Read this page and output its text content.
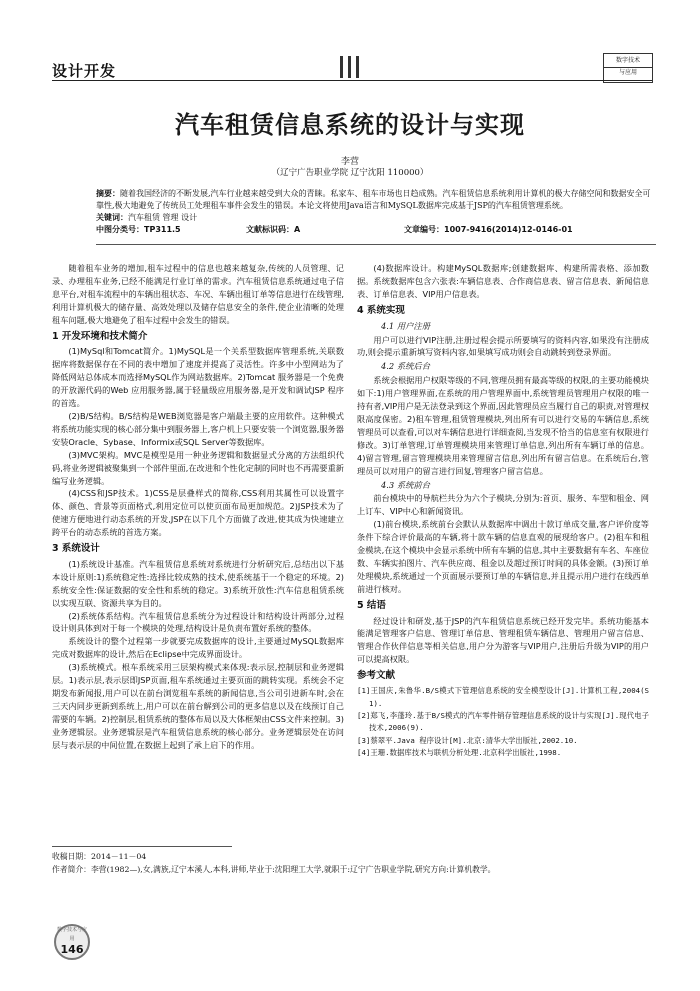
设计开发
数字技术
与应用
汽车租赁信息系统的设计与实现
李营
（辽宁广告职业学院 辽宁沈阳 110000）
摘要：随着我国经济的不断发展,汽车行业越来越受到大众的青睐。私家车、租车市场也日趋成熟。汽车租赁信息系统利用计算机的极大存储空间和数据安全可靠性,极大地避免了传统员工处理租车事件会发生的错误。本论文将使用Java语言和MySQL数据库完成基于JSP的汽车租赁管理系统。
关键词：汽车租赁 管理 设计
中图分类号：TP311.5	文献标识码：A	文章编号：1007-9416(2014)12-0146-01

随着租车业务的增加,租车过程中的信息也越来越复杂,传统的人员管理、记录、办理租车业务,已经不能满足行业订单的需求。汽车租赁信息系统通过电子信息平台,对租车流程中的车辆出租状态、车况、车辆出租订单等信息进行在线管理,利用计算机极大的储存量、高效处理以及储存信息安全的条件,使企业清晰的处理租车问题,极大地避免了租车过程中会发生的错误。

1 开发环境和技术简介

(1)MySql和Tomcat简介。1)MySQL是一个关系型数据库管理系统,关联数据库将数据保存在不同的表中增加了速度并提高了灵活性。许多中小型网站为了降低网站总体成本而选择MySQL作为网站数据库。2)Tomcat 服务器是一个免费的开放源代码的Web 应用服务器,属于轻量级应用服务器,是开发和调试JSP 程序的首选。

(2)B/S结构。B/S结构是WEB浏览器是客户端最主要的应用软件。这种模式将系统功能实现的核心部分集中到服务器上,客户机上只要安装一个浏览器,服务器安装Oracle、Sybase、Informix或SQL Server等数据库。

(3)MVC架构。MVC是模型是用一种业务逻辑和数据显式分离的方法组织代码,将业务逻辑被聚集到一个部件里面,在改进和个性化定制的同时也不再需要重新编写业务逻辑。

(4)CSS和JSP技术。1)CSS是层叠样式的简称,CSS利用其属性可以设置字体、颜色、背景等页面格式,利用定位可以使页面布局更加规范。2)JSP技术为了使速方便地进行动态系统的开发,JSP在以下几个方面做了改进,使其成为快速建立跨平台的动态系统的首选方案。

3 系统设计

(1)系统设计基准。汽车租赁信息系统对系统进行分析研究后,总结出以下基本设计原则:1)系统稳定性:选择比较成熟的技术,使系统基于一个稳定的环境。2)系统安全性:保证数据的安全性和系统的稳定。3)系统开放性:汽车信息租赁系统以实现互联、资源共享为目的。

(2)系统体系结构。汽车租赁信息系统分为过程设计和结构设计两部分,过程设计则具体到对于每一个模块的处理,结构设计是负责布置好系统的整体。

系统设计的整个过程第一步就要完成数据库的设计,主要通过MySQL数据库完成对数据库的设计,然后在Eclipse中完成界面设计。

(3)系统模式。根车系统采用三层架构模式来体现:表示层,控制层和业务逻辑层。1)表示层,表示层即JSP页面,租车系统通过主要页面的跳转实现。系统会不定期发布新闻报,用户可以在前台浏览租车系统的新闻信息,当公司引进新车时,会在三天内同步更新到系统上,用户可以在前台解到公司的更多信息以及在线预订自己需要的车辆。2)控制层,租赁系统的整体布局以及大体框架由CSS文件来控制。3)业务逻辑层。业务逻辑层是汽车租赁信息系统的核心部分。业务逻辑层处在访问层与表示层的中间位置,在数据上起到了承上启下的作用。

(4)数据库设计。构建MySQL数据库;创建数据库、构建所需表格、添加数据。系统数据库包含六张表:车辆信息表、合作商信息表、留言信息表、新闻信息表、订单信息表、VIP用户信息表。

4 系统实现
4.1 用户注册

用户可以进行VIP注册,注册过程会提示所要填写的资料内容,如果没有注册成功,则会提示重新填写资料内容,如果填写成功则会自动跳转到登录界面。

4.2 系统后台

系统会根据用户权限等级的不同,管理员拥有最高等级的权限,的主要功能模块如下:1)用户管理界面,在系统的用户管理界面中,系统管理员管理用户权限的唯一持有者,VIP用户是无法登录到这个界面,因此管理员应当履行自己的职责,对管理权限高度保密。2)租车管理,租赁管理模块,列出所有可以进行交易的车辆信息,系统管理员可以查看,可以对车辆信息进行详细查阅,当发现不恰当的信息室有权限进行修改。3)订单管理,订单管理模块用来管理订单信息,列出所有车辆订单的信息。4)留言管理,留言管理模块用来管理留言信息,列出所有留言信息。在系统后台,管理员可以对用户的留言进行回复,管理客户留言信息。

4.3 系统前台

前台模块中的导航栏共分为六个子模块,分别为:首页、服务、车型和租金、网上订车、VIP中心和新闻资讯。

(1)前台模块,系统前台会默认从数据库中调出十款订单成交量,客户评价度等条件下综合评价最高的车辆,将十款车辆的信息直观的展现给客户。(2)租车和租金模块,在这个模块中会显示系统中所有车辆的信息,其中主要数据有车名、车座位数、车辆实拍图片、汽车供应商、租金以及超过预订时间的具体金额。(3)预订单处理模块,系统通过一个页面展示要预订单的车辆信息,并且提示用户进行在线西单前进行核对。

5 结语

经过设计和研发,基于JSP的汽车租赁信息系统已经开发完毕。系统功能基本能满足管理客户信息、管理订单信息、管理租赁车辆信息、管理用户留言信息、管理合作伙伴信息等相关信息,用户分为游客与VIP用户,注册后升级为VIP的用户可以提高权限。

参考文献
[1]王国庆,朱鲁华.B/S模式下管理信息系统的安全模型设计[J].计算机工程,2004(S1).
[2]郑飞,李蓬玲.基于B/S模式的汽车零件销存管理信息系统的设计与实现[J].现代电子技术,2006(9).
[3]蔡翠平.Java 程序设计[M].北京:清华大学出版社,2002.10.
[4]王珊.数据库技术与联机分析处理.北京科学出版社,1998.
收稿日期：2014－11－04
作者简介：李营(1982—),女,满族,辽宁本溪人,本科,讲师,毕业于:沈阳理工大学,就职于:辽宁广告职业学院,研究方向:计算机教学。
数字技术与应用
146
